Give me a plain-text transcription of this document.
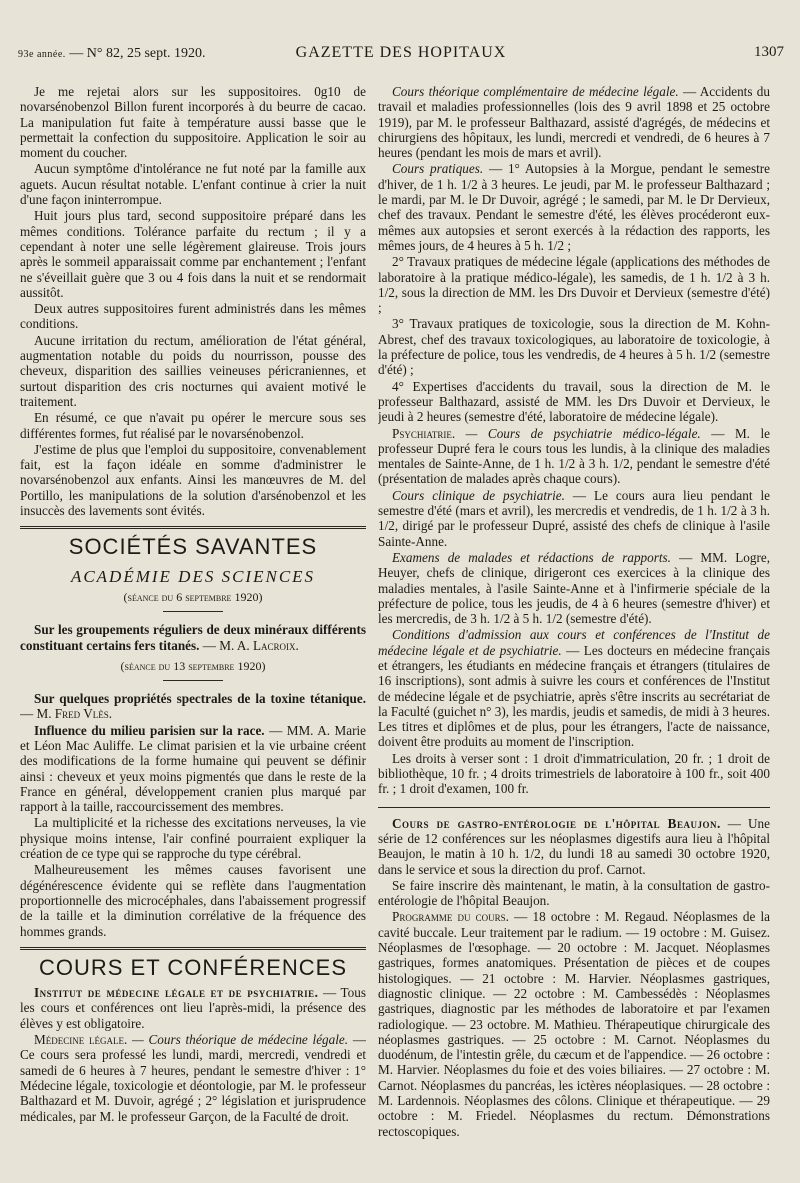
93e année. — N° 82, 25 sept. 1920.	GAZETTE DES HOPITAUX	1307

Je me rejetai alors sur les suppositoires. 0g10 de novarsénobenzol Billon furent incorporés à du beurre de cacao. La manipulation fut faite à température aussi basse que le permettait la confection du suppositoire. Application le soir au moment du coucher.

Aucun symptôme d'intolérance ne fut noté par la famille aux aguets. Aucun résultat notable. L'enfant continue à crier la nuit d'une façon ininterrompue.

Huit jours plus tard, second suppositoire préparé dans les mêmes conditions. Tolérance parfaite du rectum ; il y a cependant à noter une selle légèrement glaireuse. Trois jours après le sommeil apparaissait comme par enchantement ; l'enfant ne s'éveillait guère que 3 ou 4 fois dans la nuit et se rendormait aussitôt.

Deux autres suppositoires furent administrés dans les mêmes conditions.

Aucune irritation du rectum, amélioration de l'état général, augmentation notable du poids du nourrisson, pousse des cheveux, disparition des saillies veineuses péricraniennes, et surtout disparition des cris nocturnes qui avaient motivé le traitement.

En résumé, ce que n'avait pu opérer le mercure sous ses différentes formes, fut réalisé par le novarsénobenzol.

J'estime de plus que l'emploi du suppositoire, convenablement fait, est la façon idéale en somme d'administrer le novarsénobenzol aux enfants. Ainsi les manœuvres de M. del Portillo, les manipulations de la solution d'arsénobenzol et les insuccès des lavements sont évités.

SOCIÉTÉS SAVANTES
ACADÉMIE DES SCIENCES
(séance du 6 septembre 1920)

Sur les groupements réguliers de deux minéraux différents constituant certains fers titanés. — M. A. Lacroix.

(séance du 13 septembre 1920)

Sur quelques propriétés spectrales de la toxine tétanique. — M. Fred Vlès.

Influence du milieu parisien sur la race. — MM. A. Marie et Léon Mac Auliffe. Le climat parisien et la vie urbaine créent des modifications de la forme humaine qui peuvent se définir ainsi : cheveux et yeux moins pigmentés que dans le reste de la France en général, développement cranien plus marqué par rapport à la taille, raccourcissement des membres.

La multiplicité et la richesse des excitations nerveuses, la vie physique moins intense, l'air confiné pourraient expliquer la création de ce type qui se rapproche du type cérébral.

Malheureusement les mêmes causes favorisent une dégénérescence évidente qui se reflète dans l'augmentation proportionnelle des microcéphales, dans l'abaissement progressif de la taille et la diminution corrélative de la fréquence des hommes grands.

COURS ET CONFÉRENCES

Institut de médecine légale et de psychiatrie. — Tous les cours et conférences ont lieu l'après-midi, la présence des élèves y est obligatoire.

Médecine légale. — Cours théorique de médecine légale. — Ce cours sera professé les lundi, mardi, mercredi, vendredi et samedi de 6 heures à 7 heures, pendant le semestre d'hiver : 1° Médecine légale, toxicologie et déontologie, par M. le professeur Balthazard et M. Duvoir, agrégé ; 2° législation et jurisprudence médicales, par M. le professeur Garçon, de la Faculté de droit.

Cours théorique complémentaire de médecine légale. — Accidents du travail et maladies professionnelles (lois des 9 avril 1898 et 25 octobre 1919), par M. le professeur Balthazard, assisté d'agrégés, de médecins et chirurgiens des hôpitaux, les lundi, mercredi et vendredi, de 6 heures à 7 heures (pendant les mois de mars et avril).

Cours pratiques. — 1° Autopsies à la Morgue, pendant le semestre d'hiver, de 1 h. 1/2 à 3 heures. Le jeudi, par M. le professeur Balthazard ; le mardi, par M. le Dr Duvoir, agrégé ; le samedi, par M. le Dr Dervieux, chef des travaux. Pendant le semestre d'été, les élèves procéderont eux-mêmes aux autopsies et seront exercés à la rédaction des rapports, les mêmes jours, de 4 heures à 5 h. 1/2 ;

2° Travaux pratiques de médecine légale (applications des méthodes de laboratoire à la pratique médico-légale), les samedis, de 1 h. 1/2 à 3 h. 1/2, sous la direction de MM. les Drs Duvoir et Dervieux (semestre d'été) ;

3° Travaux pratiques de toxicologie, sous la direction de M. Kohn-Abrest, chef des travaux toxicologiques, au laboratoire de toxicologie, à la préfecture de police, tous les vendredis, de 4 heures à 5 h. 1/2 (semestre d'été) ;

4° Expertises d'accidents du travail, sous la direction de M. le professeur Balthazard, assisté de MM. les Drs Duvoir et Dervieux, le jeudi à 2 heures (semestre d'été, laboratoire de médecine légale).

Psychiatrie. — Cours de psychiatrie médico-légale. — M. le professeur Dupré fera le cours tous les lundis, à la clinique des maladies mentales de Sainte-Anne, de 1 h. 1/2 à 3 h. 1/2, pendant le semestre d'été (présentation de malades après chaque cours).

Cours clinique de psychiatrie. — Le cours aura lieu pendant le semestre d'été (mars et avril), les mercredis et vendredis, de 1 h. 1/2 à 3 h. 1/2, dirigé par le professeur Dupré, assisté des chefs de clinique à l'asile Sainte-Anne.

Examens de malades et rédactions de rapports. — MM. Logre, Heuyer, chefs de clinique, dirigeront ces exercices à la clinique des maladies mentales, à l'asile Sainte-Anne et à l'infirmerie spéciale de la préfecture de police, tous les jeudis, de 4 à 6 heures (semestre d'hiver) et les mercredis, de 3 h. 1/2 à 5 h. 1/2 (semestre d'été).

Conditions d'admission aux cours et conférences de l'Institut de médecine légale et de psychiatrie. — Les docteurs en médecine français et étrangers, les étudiants en médecine français et étrangers (titulaires de 16 inscriptions), sont admis à suivre les cours et conférences de l'Institut de médecine légale et de psychiatrie, après s'être inscrits au secrétariat de la Faculté (guichet n° 3), les mardis, jeudis et samedis, de midi à 3 heures. Les titres et diplômes et de plus, pour les étrangers, l'acte de naissance, doivent être produits au moment de l'inscription.

Les droits à verser sont : 1 droit d'immatriculation, 20 fr. ; 1 droit de bibliothèque, 10 fr. ; 4 droits trimestriels de laboratoire à 100 fr., soit 400 fr. ; 1 droit d'examen, 100 fr.

Cours de gastro-entérologie de l'hôpital Beaujon. — Une série de 12 conférences sur les néoplasmes digestifs aura lieu à l'hôpital Beaujon, le matin à 10 h. 1/2, du lundi 18 au samedi 30 octobre 1920, dans le service et sous la direction du prof. Carnot.

Se faire inscrire dès maintenant, le matin, à la consultation de gastro-entérologie de l'hôpital Beaujon.

Programme du cours. — 18 octobre : M. Regaud. Néoplasmes de la cavité buccale. Leur traitement par le radium. — 19 octobre : M. Guisez. Néoplasmes de l'œsophage. — 20 octobre : M. Jacquet. Néoplasmes gastriques, formes anatomiques. Présentation de pièces et de coupes histologiques. — 21 octobre : M. Harvier. Néoplasmes gastriques, diagnostic clinique. — 22 octobre : M. Cambessédès : Néoplasmes gastriques, diagnostic par les méthodes de laboratoire et par l'examen radiologique. — 23 octobre. M. Mathieu. Thérapeutique chirurgicale des néoplasmes gastriques. — 25 octobre : M. Carnot. Néoplasmes du duodénum, de l'intestin grêle, du cæcum et de l'appendice. — 26 octobre : M. Harvier. Néoplasmes du foie et des voies biliaires. — 27 octobre : M. Carnot. Néoplasmes du pancréas, les ictères néoplasiques. — 28 octobre : M. Lardennois. Néoplasmes des côlons. Clinique et thérapeutique. — 29 octobre : M. Friedel. Néoplasmes du rectum. Démonstrations rectoscopiques.
